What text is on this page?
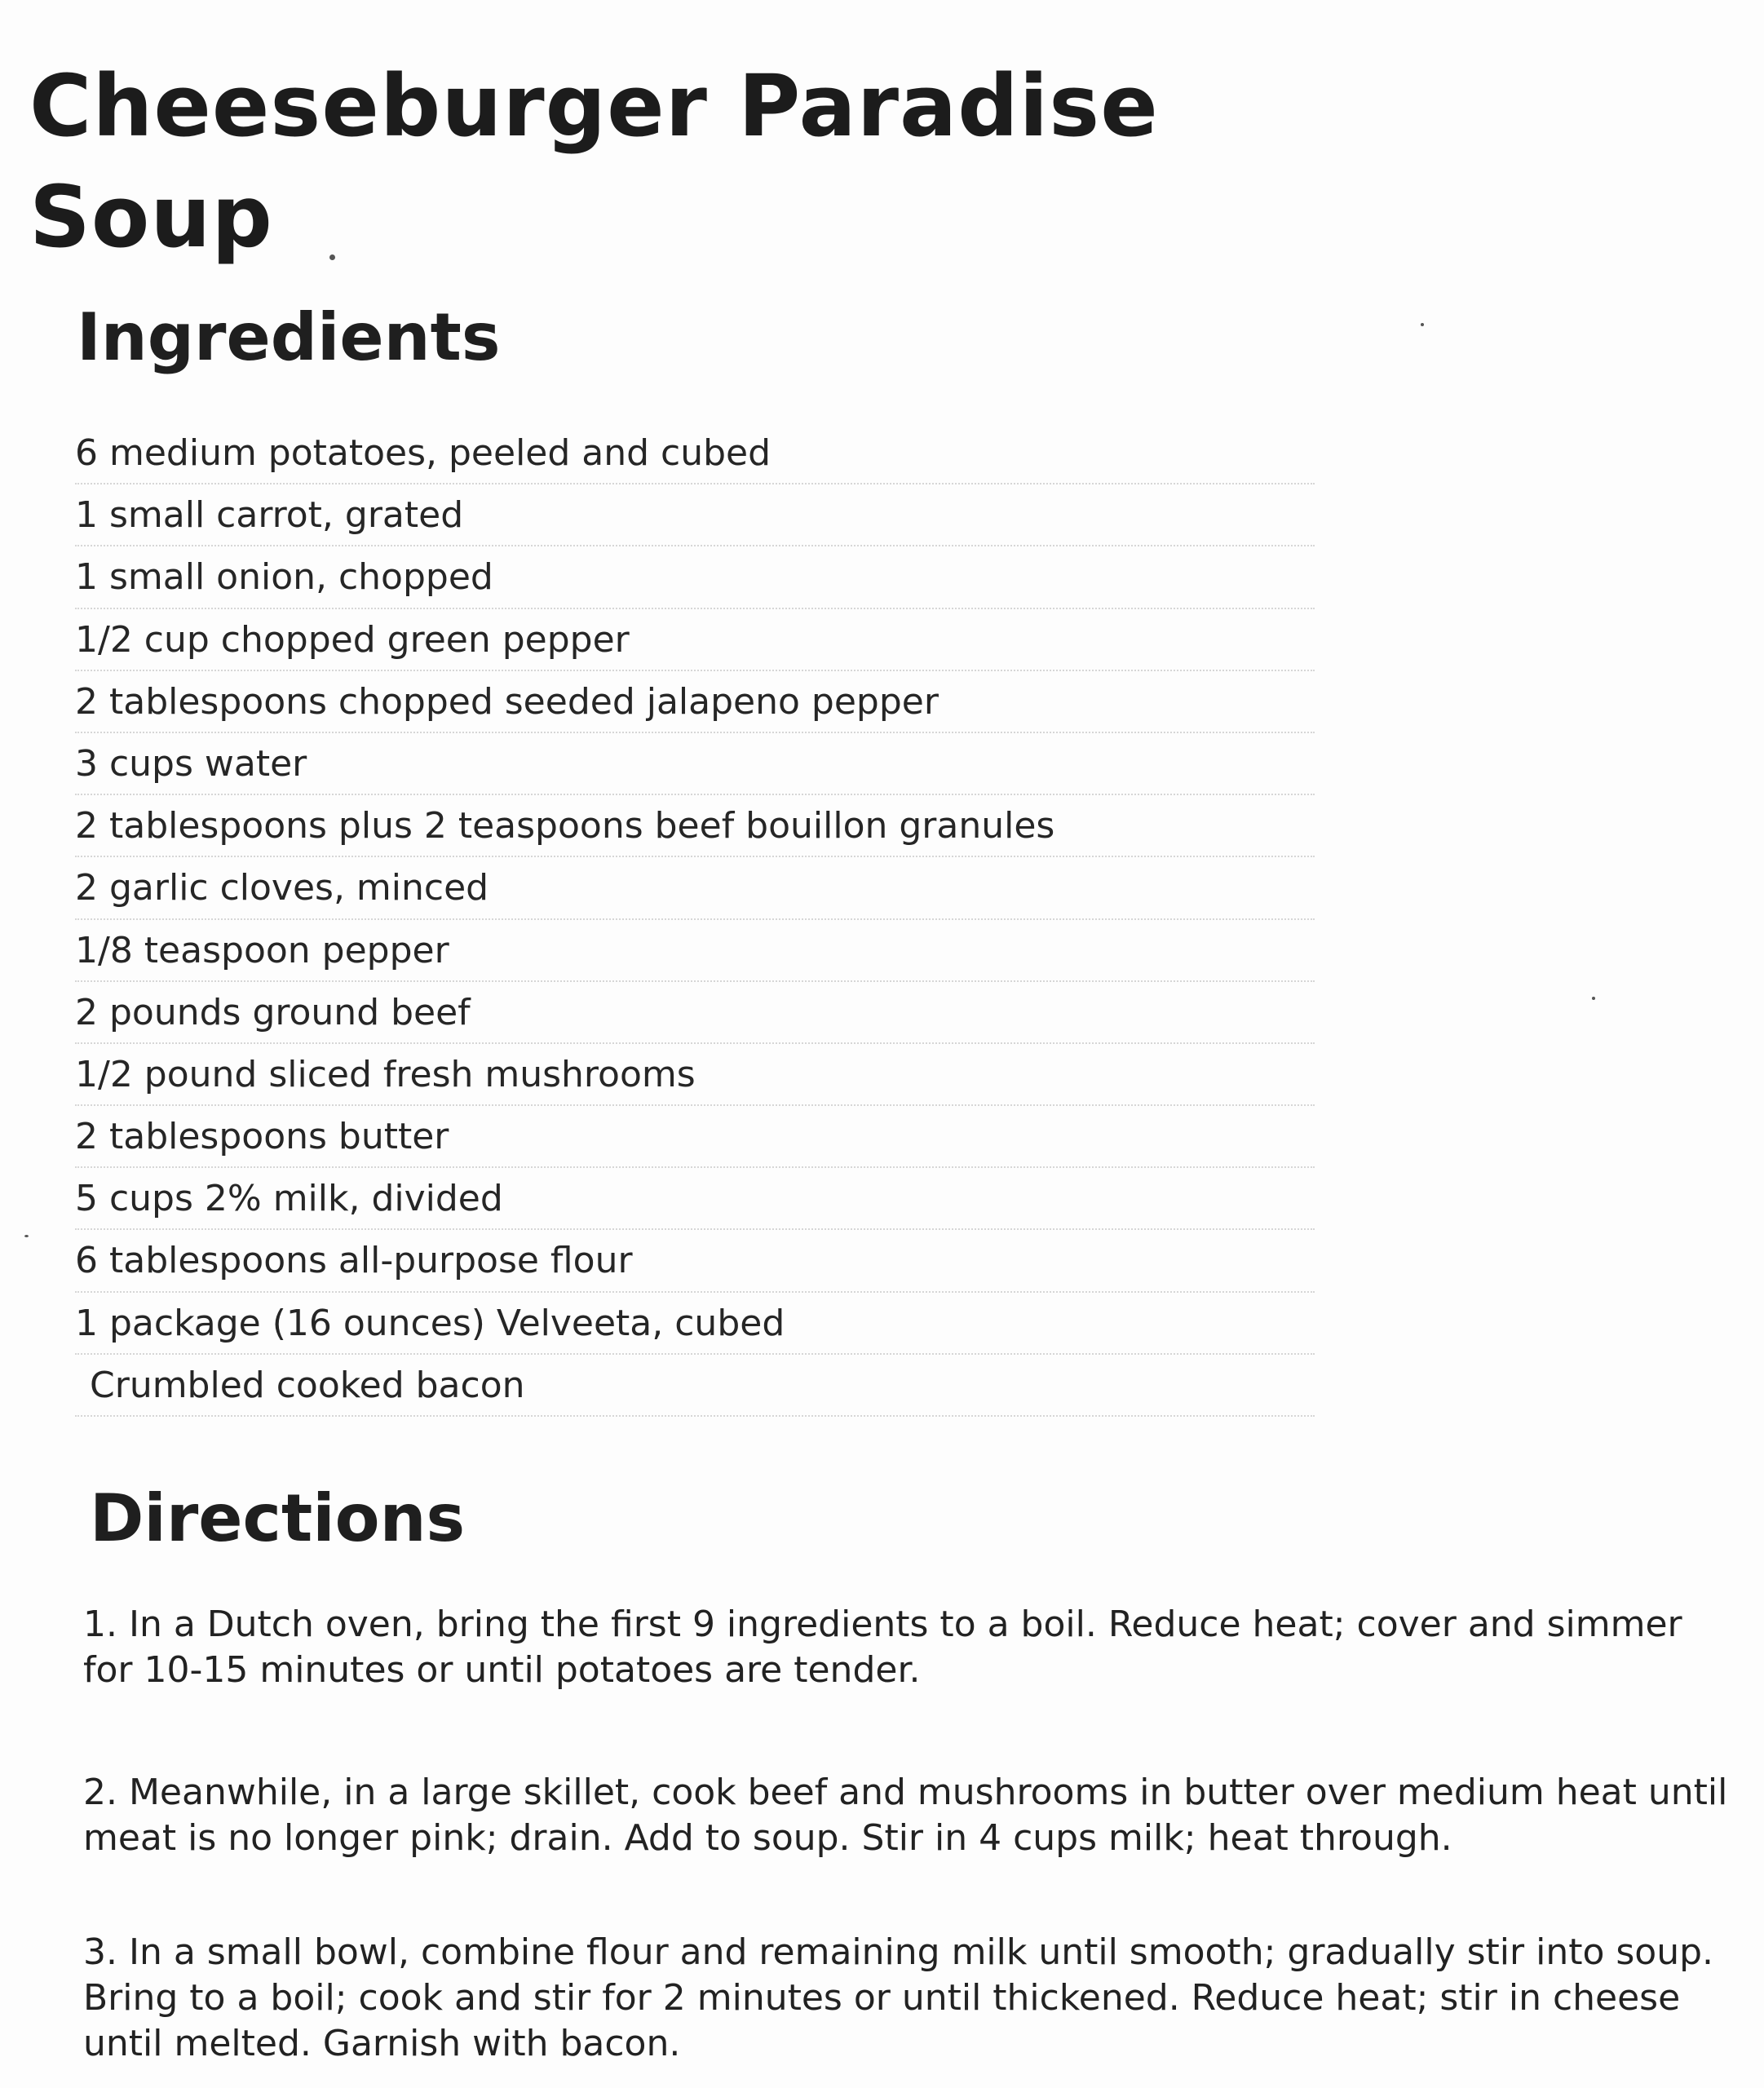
Cheeseburger Paradise Soup
Ingredients
6 medium potatoes, peeled and cubed
1 small carrot, grated
1 small onion, chopped
1/2 cup chopped green pepper
2 tablespoons chopped seeded jalapeno pepper
3 cups water
2 tablespoons plus 2 teaspoons beef bouillon granules
2 garlic cloves, minced
1/8 teaspoon pepper
2 pounds ground beef
1/2 pound sliced fresh mushrooms
2 tablespoons butter
5 cups 2% milk, divided
6 tablespoons all-purpose flour
1 package (16 ounces) Velveeta, cubed
Crumbled cooked bacon
Directions

1. In a Dutch oven, bring the first 9 ingredients to a boil. Reduce heat; cover and simmer for 10-15 minutes or until potatoes are tender.

2. Meanwhile, in a large skillet, cook beef and mushrooms in butter over medium heat until meat is no longer pink; drain. Add to soup. Stir in 4 cups milk; heat through.

3. In a small bowl, combine flour and remaining milk until smooth; gradually stir into soup. Bring to a boil; cook and stir for 2 minutes or until thickened. Reduce heat; stir in cheese until melted. Garnish with bacon.
